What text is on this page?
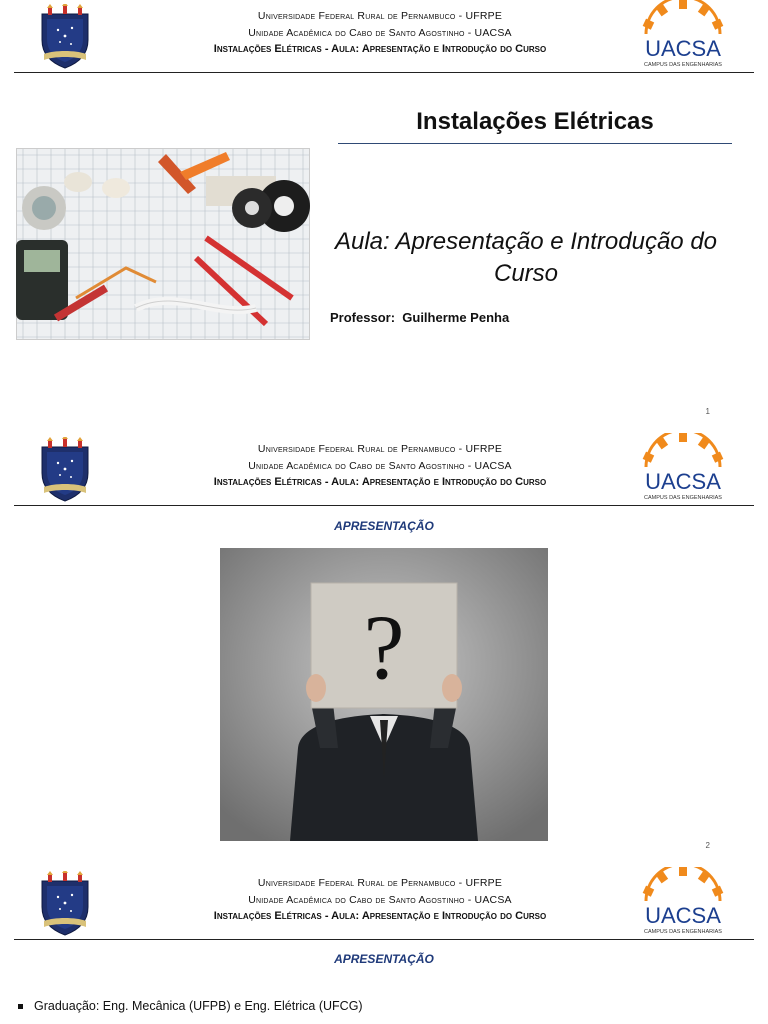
Universidade Federal Rural de Pernambuco - UFRPE
Unidade Acadêmica do Cabo de Santo Agostinho - UACSA
Instalações Elétricas - Aula: Apresentação e Introdução do Curso	UACSA
CAMPUS DAS ENGENHARIAS
Instalações Elétricas
Aula: Apresentação e Introdução do Curso
Professor: Guilherme Penha
1
Universidade Federal Rural de Pernambuco - UFRPE
Unidade Acadêmica do Cabo de Santo Agostinho - UACSA
Instalações Elétricas - Aula: Apresentação e Introdução do Curso	UACSA
CAMPUS DAS ENGENHARIAS
APRESENTAÇÃO
?
2
Universidade Federal Rural de Pernambuco - UFRPE
Unidade Acadêmica do Cabo de Santo Agostinho - UACSA
Instalações Elétricas - Aula: Apresentação e Introdução do Curso	UACSA
CAMPUS DAS ENGENHARIAS
APRESENTAÇÃO
Graduação: Eng. Mecânica (UFPB) e Eng. Elétrica (UFCG)
